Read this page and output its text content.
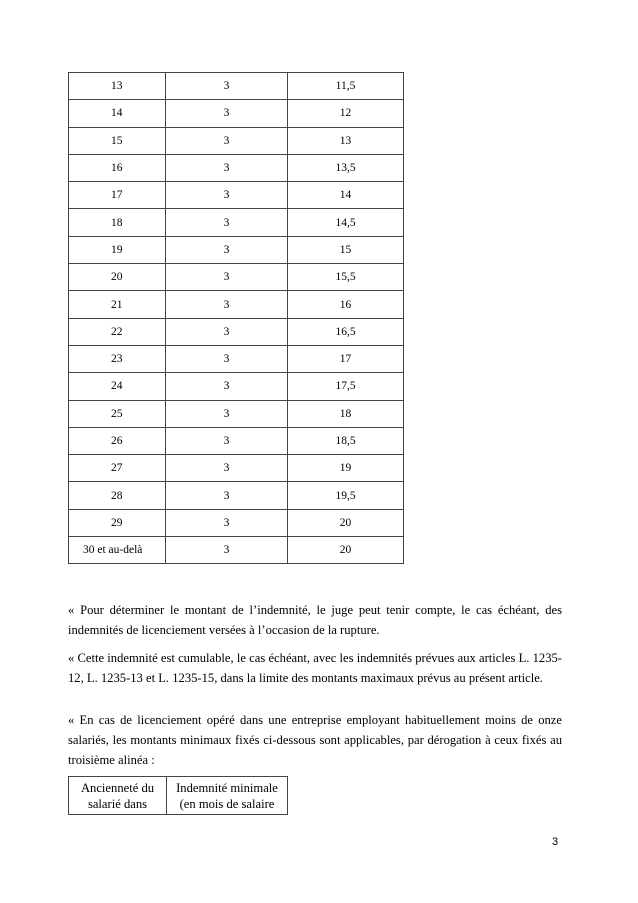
13	3	11,5
14	3	12
15	3	13
16	3	13,5
17	3	14
18	3	14,5
19	3	15
20	3	15,5
21	3	16
22	3	16,5
23	3	17
24	3	17,5
25	3	18
26	3	18,5
27	3	19
28	3	19,5
29	3	20
30 et au-delà	3	20
« Pour déterminer le montant de l’indemnité, le juge peut tenir compte, le cas échéant, des indemnités de licenciement versées à l’occasion de la rupture.
« Cette indemnité est cumulable, le cas échéant, avec les indemnités prévues aux articles L. 1235-12, L. 1235-13 et L. 1235-15, dans la limite des montants maximaux prévus au présent article.
« En cas de licenciement opéré dans une entreprise employant habituellement moins de onze salariés, les montants minimaux fixés ci-dessous sont applicables, par dérogation à ceux fixés au troisième alinéa :
Ancienneté du salarié dans	Indemnité minimale (en mois de salaire
3
